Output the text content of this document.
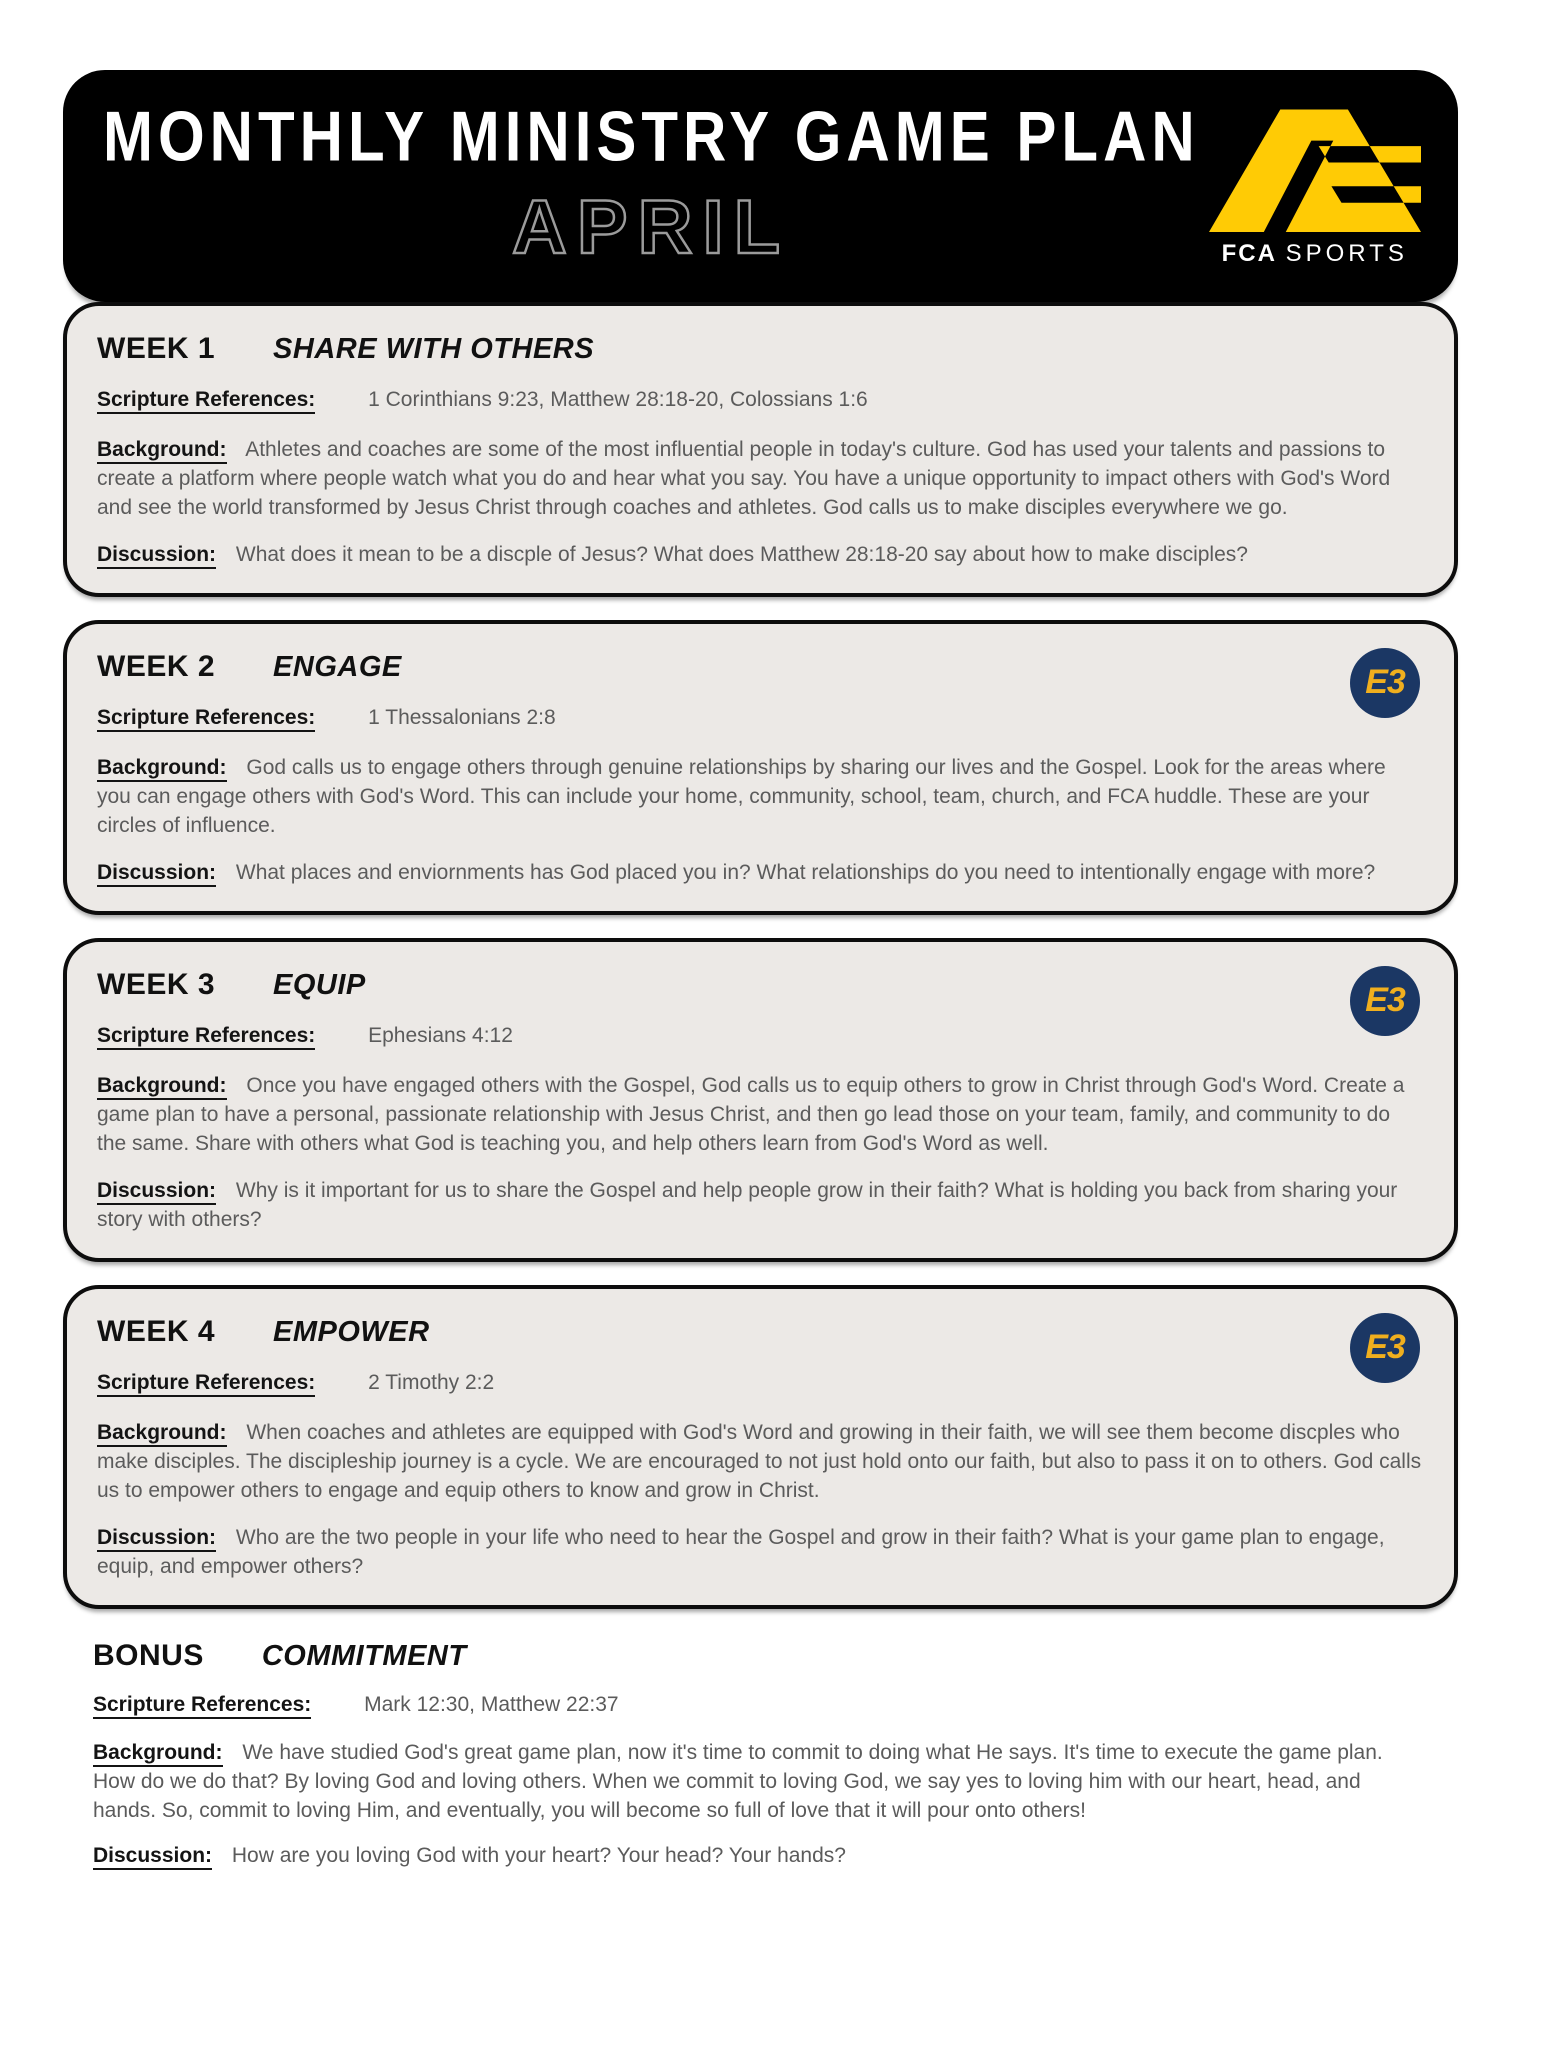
MONTHLY MINISTRY GAME PLAN
APRIL	FCA SPORTS
WEEK 1 SHARE WITH OTHERS
Scripture References:	1 Corinthians 9:23, Matthew 28:18-20, Colossians 1:6

Background: Athletes and coaches are some of the most influential people in today's culture. God has used your talents and passions to create a platform where people watch what you do and hear what you say. You have a unique opportunity to impact others with God's Word and see the world transformed by Jesus Christ through coaches and athletes. God calls us to make disciples everywhere we go.

Discussion: What does it mean to be a discple of Jesus? What does Matthew 28:18-20 say about how to make disciples?

E3
WEEK 2 ENGAGE
Scripture References:	1 Thessalonians 2:8

Background: God calls us to engage others through genuine relationships by sharing our lives and the Gospel. Look for the areas where you can engage others with God's Word. This can include your home, community, school, team, church, and FCA huddle. These are your circles of influence.

Discussion: What places and enviornments has God placed you in? What relationships do you need to intentionally engage with more?

E3
WEEK 3 EQUIP
Scripture References:	Ephesians 4:12

Background: Once you have engaged others with the Gospel, God calls us to equip others to grow in Christ through God's Word. Create a game plan to have a personal, passionate relationship with Jesus Christ, and then go lead those on your team, family, and community to do the same. Share with others what God is teaching you, and help others learn from God's Word as well.

Discussion: Why is it important for us to share the Gospel and help people grow in their faith? What is holding you back from sharing your story with others?

E3
WEEK 4 EMPOWER
Scripture References:	2 Timothy 2:2

Background: When coaches and athletes are equipped with God's Word and growing in their faith, we will see them become discples who make disciples. The discipleship journey is a cycle. We are encouraged to not just hold onto our faith, but also to pass it on to others. God calls us to empower others to engage and equip others to know and grow in Christ.

Discussion: Who are the two people in your life who need to hear the Gospel and grow in their faith? What is your game plan to engage, equip, and empower others?

BONUS COMMITMENT
Scripture References:	Mark 12:30, Matthew 22:37

Background: We have studied God's great game plan, now it's time to commit to doing what He says. It's time to execute the game plan. How do we do that? By loving God and loving others. When we commit to loving God, we say yes to loving him with our heart, head, and hands. So, commit to loving Him, and eventually, you will become so full of love that it will pour onto others!

Discussion: How are you loving God with your heart? Your head? Your hands?
